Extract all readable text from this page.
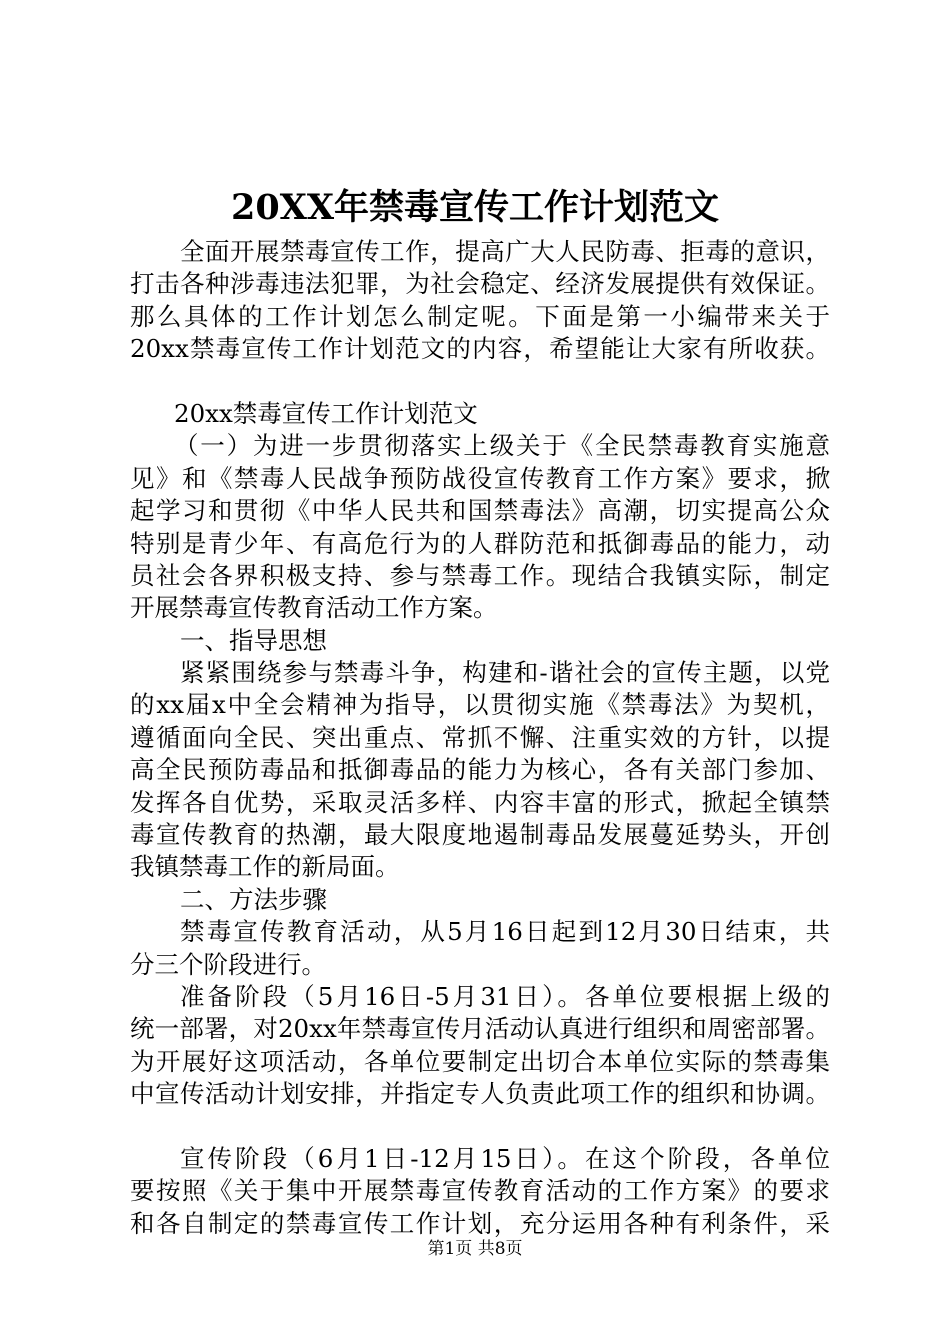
20XX年禁毒宣传工作计划范文
全面开展禁毒宣传工作，提高广大人民防毒、拒毒的意识，
打击各种涉毒违法犯罪，为社会稳定、经济发展提供有效保证。
那么具体的工作计划怎么制定呢。下面是第一小编带来关于
20xx禁毒宣传工作计划范文的内容，希望能让大家有所收获。
20xx禁毒宣传工作计划范文
（一）为进一步贯彻落实上级关于《全民禁毒教育实施意
见》和《禁毒人民战争预防战役宣传教育工作方案》要求，掀
起学习和贯彻《中华人民共和国禁毒法》高潮，切实提高公众
特别是青少年、有高危行为的人群防范和抵御毒品的能力，动
员社会各界积极支持、参与禁毒工作。现结合我镇实际，制定
开展禁毒宣传教育活动工作方案。
一、指导思想
紧紧围绕参与禁毒斗争，构建和-谐社会的宣传主题，以党
的xx届x中全会精神为指导，以贯彻实施《禁毒法》为契机，
遵循面向全民、突出重点、常抓不懈、注重实效的方针，以提
高全民预防毒品和抵御毒品的能力为核心，各有关部门参加、
发挥各自优势，采取灵活多样、内容丰富的形式，掀起全镇禁
毒宣传教育的热潮，最大限度地遏制毒品发展蔓延势头，开创
我镇禁毒工作的新局面。
二、方法步骤
禁毒宣传教育活动，从5月16日起到12月30日结束，共
分三个阶段进行。
准备阶段（5月16日-5月31日）。各单位要根据上级的
统一部署，对20xx年禁毒宣传月活动认真进行组织和周密部署。
为开展好这项活动，各单位要制定出切合本单位实际的禁毒集
中宣传活动计划安排，并指定专人负责此项工作的组织和协调。
宣传阶段（6月1日-12月15日）。在这个阶段，各单位
要按照《关于集中开展禁毒宣传教育活动的工作方案》的要求
和各自制定的禁毒宣传工作计划，充分运用各种有利条件，采
第1页 共8页
